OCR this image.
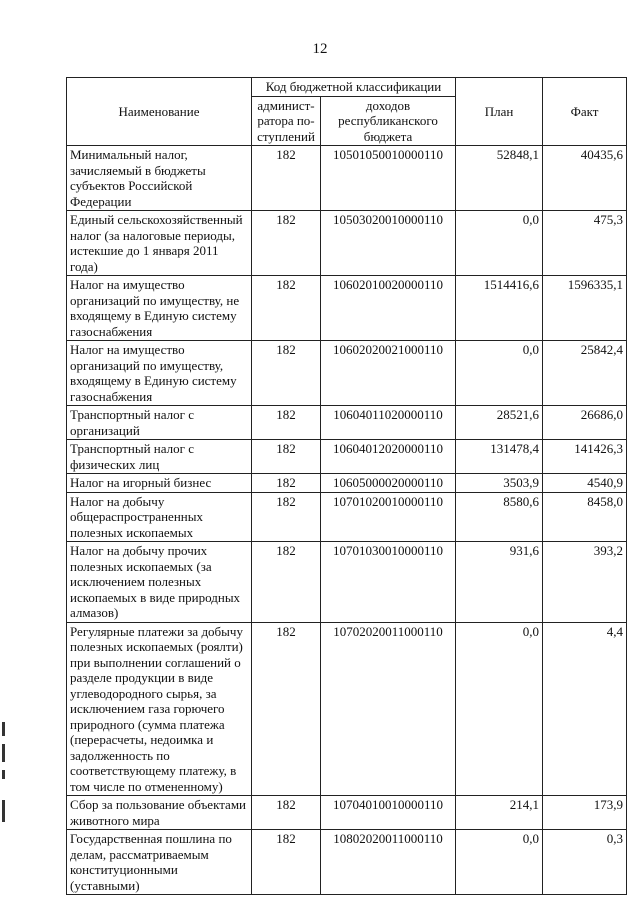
12
Наименование	Код бюджетной классификации		План	Факт
	админист-ратора по-ступлений	доходов республиканского бюджета		
Минимальный налог, зачисляемый в бюджеты субъектов Российской Федерации	182	10501050010000110	52848,1	40435,6
Единый сельскохозяйственный налог (за налоговые периоды, истекшие до 1 января 2011 года)	182	10503020010000110	0,0	475,3
Налог на имущество организаций по имуществу, не входящему в Единую систему газоснабжения	182	10602010020000110	1514416,6	1596335,1
Налог на имущество организаций по имуществу, входящему в Единую систему газоснабжения	182	10602020021000110	0,0	25842,4
Транспортный налог с организаций	182	10604011020000110	28521,6	26686,0
Транспортный налог с физических лиц	182	10604012020000110	131478,4	141426,3
Налог на игорный бизнес	182	10605000020000110	3503,9	4540,9
Налог на добычу общераспространенных полезных ископаемых	182	10701020010000110	8580,6	8458,0
Налог на добычу прочих полезных ископаемых (за исключением полезных ископаемых в виде природных алмазов)	182	10701030010000110	931,6	393,2
Регулярные платежи за добычу полезных ископаемых (роялти) при выполнении соглашений о разделе продукции в виде углеводородного сырья, за исключением газа горючего природного (сумма платежа (перерасчеты, недоимка и задолженность по соответствующему платежу, в том числе по отмененному)	182	10702020011000110	0,0	4,4
Сбор за пользование объектами животного мира	182	10704010010000110	214,1	173,9
Государственная пошлина по делам, рассматриваемым конституционными (уставными)	182	10802020011000110	0,0	0,3
